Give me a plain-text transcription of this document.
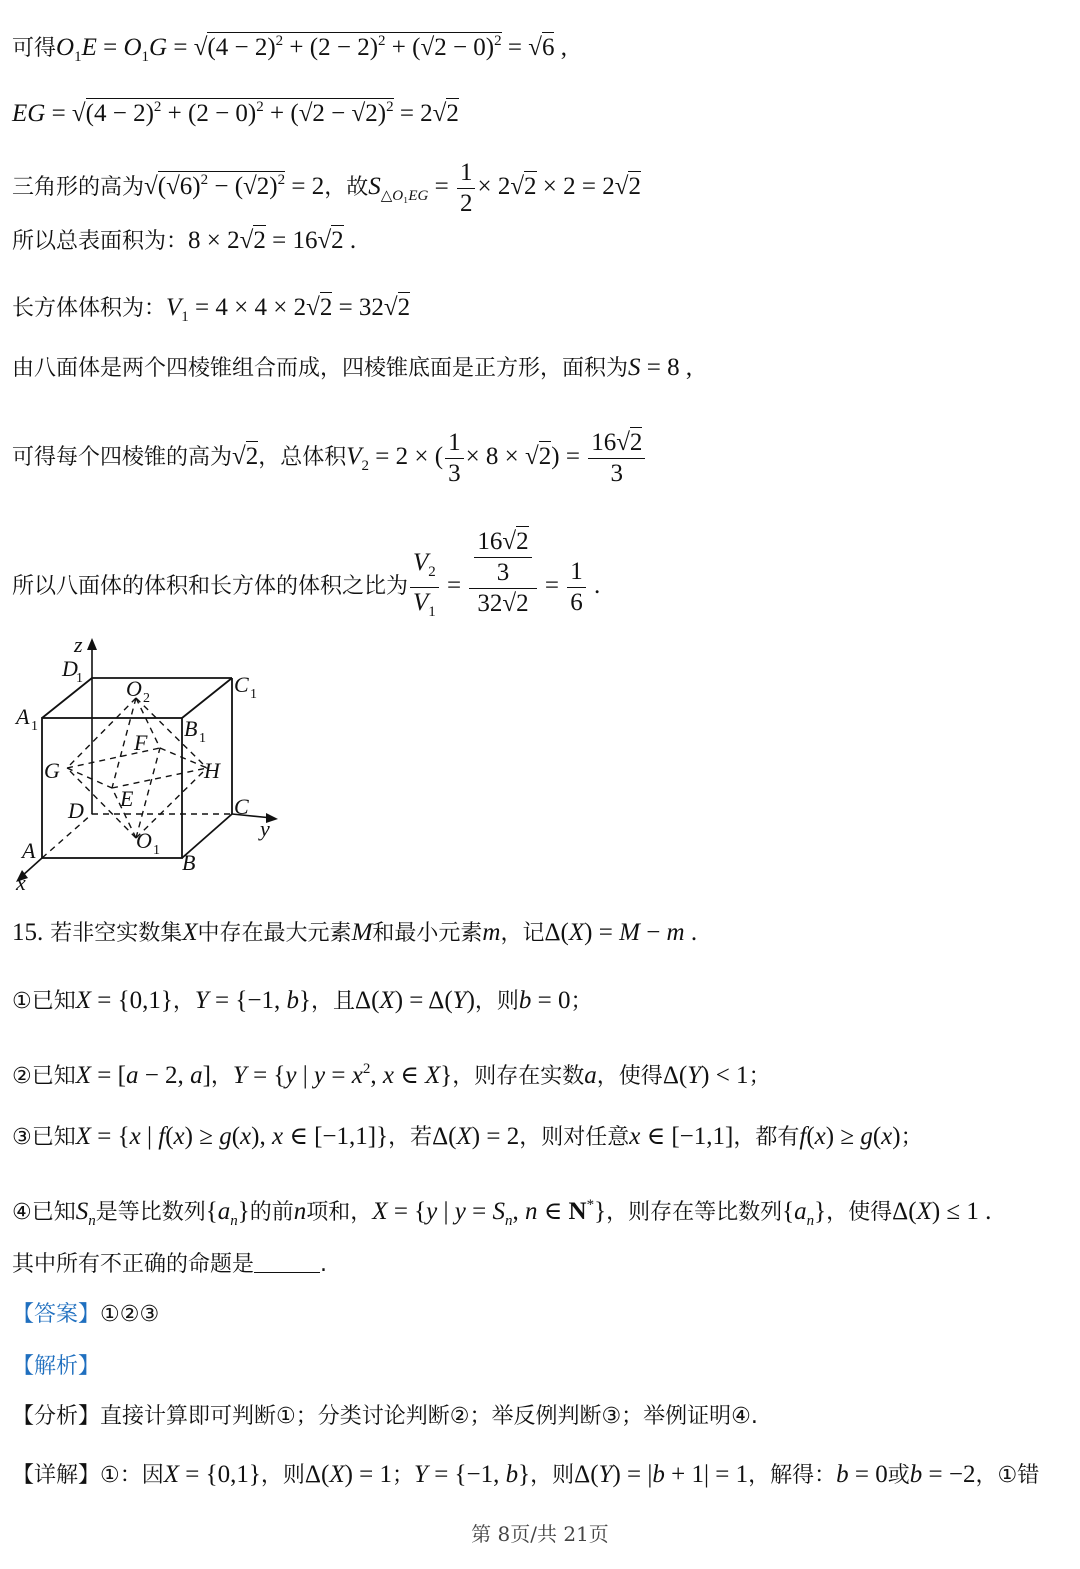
可得$O_1E = O_1G = √(4 - 2)^2 + (2 - 2)^2 + (√2 - 0)^2 = √6$ ,
EG = $√(4 - 2)^2 + (2 - 0)^2 + (√2 - √2)^2 = 2√2$
三角形的高为$√(√6)^2 - (√2)^2 = 2$，故$S_{\triangle O_1EG} = \frac{1}{2} \times 2√2 \times 2 = 2√2$
所以总表面积为：8 × 2√2 = 16√2 .
长方体体积为：$V_1 = 4 \times 4 \times 2√2 = 32√2$
由八面体是两个四棱锥组合而成，四棱锥底面是正方形，面积为S = 8 ,
可得每个四棱锥的高为√2，总体积$V_2 = 2$ × ( $\frac{1}{3} \times 8 \times √2) = \frac{16√2}{3}$
所以八面体的体积和长方体的体积之比为 $\frac{V_2}{V_1} = \frac{\frac{16√2}{3}}{32√2} = \frac{1}{6}$ .
z
D
1	C 1
A 1	B 1
O 2
F
G	H
E
D	C
y
A	O 1 B
x
15. 若非空实数集X中存在最大元素M和最小元素m，记Δ(X) = M − m .
①已知X = {0,1}，Y = {−1, b}，且Δ(X) = Δ(Y)，则b = 0；
②已知X = [a − 2, a]，Y = {y | $y = x^2$, x ∈ X}，则存在实数a，使得Δ(Y) < 1；
③已知X = {x | f(x) ≥ g(x), x ∈ [−1,1]}，若Δ(X) = 2，则对任意x ∈ [−1,1]，都有f(x) ≥ g(x)；
④已知$S_n$是等比数列$\{a_n\}$的前n项和，X = {y | $y = S_n$, n ∈ N*}，则存在等比数列$\{a_n\}$，使得Δ(X) ≤ 1 .
其中所有不正确的命题是	.
【答案】①②③
【解析】
【分析】直接计算即可判断①；分类讨论判断②；举反例判断③；举例证明④.
【详解】①：因X = {0,1}，则Δ(X) = 1；Y = {−1, b}，则Δ(Y) = |b + 1| = 1，解得：b = 0或b = −2，①错
第 8页/共 21页
